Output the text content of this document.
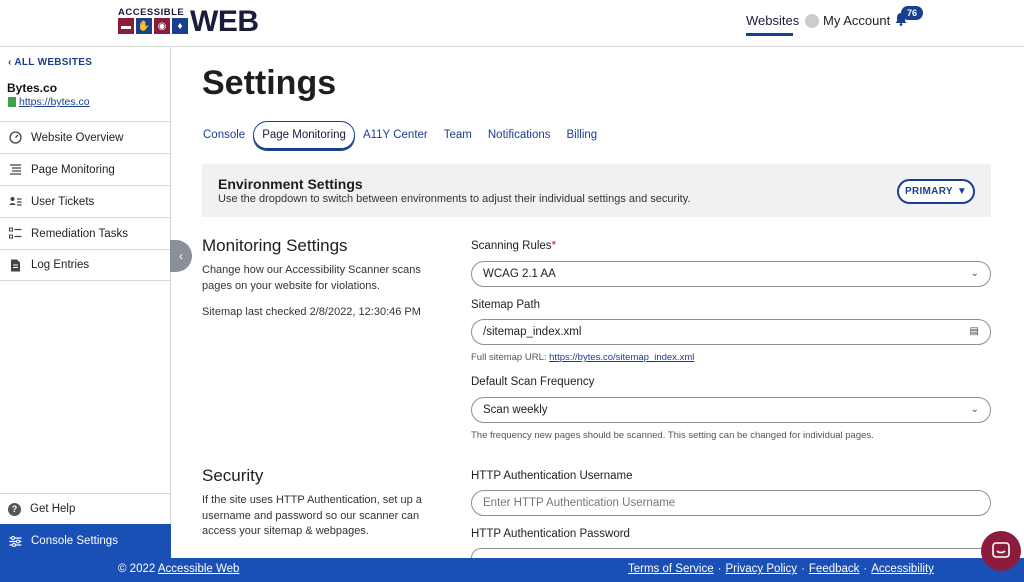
ACCESSIBLE
▬ ✋ ◉	♦ WEB	Websites My Account	76
‹ ALL WEBSITES
Bytes.co
https://bytes.co
Website Overview
Page Monitoring
User Tickets
Remediation Tasks
Log Entries
?	Get Help
Console Settings
‹
Settings
Console	Page Monitoring	A11Y Center	Team	Notifications	Billing
Environment Settings
Use the dropdown to switch between environments to adjust their individual settings and security.
PRIMARY ▼
Monitoring Settings
Change how our Accessibility Scanner scans pages on your website for violations.
Sitemap last checked 2/8/2022, 12:30:46 PM
Scanning Rules*
WCAG 2.1 AA	⌄
Sitemap Path
/sitemap_index.xml	▤
Full sitemap URL: https://bytes.co/sitemap_index.xml
Default Scan Frequency
Scan weekly	⌄
The frequency new pages should be scanned. This setting can be changed for individual pages.
Security
If the site uses HTTP Authentication, set up a username and password so our scanner can access your sitemap & webpages.
HTTP Authentication Username
Enter HTTP Authentication Username
HTTP Authentication Password
© 2022 Accessible Web	Terms of Service · Privacy Policy · Feedback · Accessibility
